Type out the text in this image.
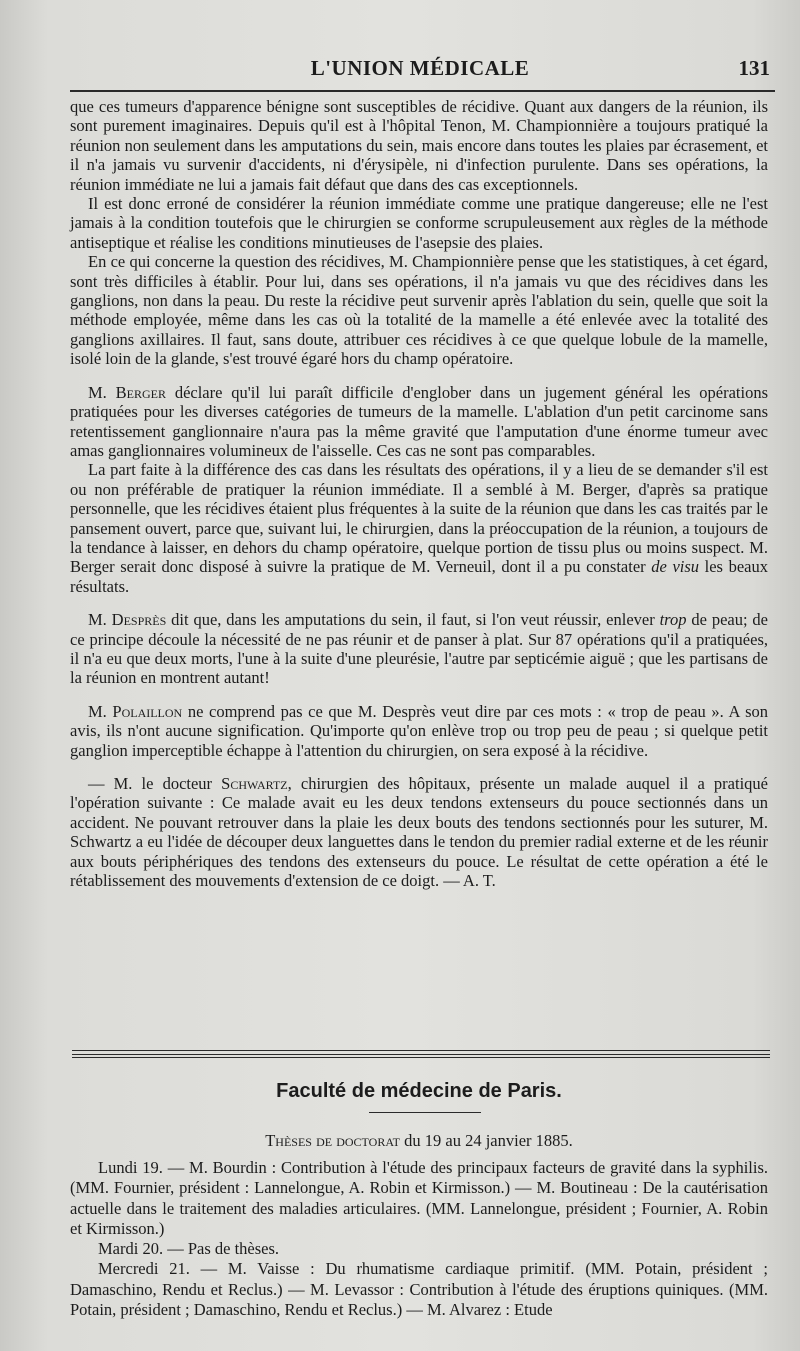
L'UNION MÉDICALE	131

que ces tumeurs d'apparence bénigne sont susceptibles de récidive. Quant aux dangers de la réunion, ils sont purement imaginaires. Depuis qu'il est à l'hôpital Tenon, M. Championnière a toujours pratiqué la réunion non seulement dans les amputations du sein, mais encore dans toutes les plaies par écrasement, et il n'a jamais vu survenir d'accidents, ni d'érysipèle, ni d'infection purulente. Dans ses opérations, la réunion immédiate ne lui a jamais fait défaut que dans des cas exceptionnels.

Il est donc erroné de considérer la réunion immédiate comme une pratique dangereuse; elle ne l'est jamais à la condition toutefois que le chirurgien se conforme scrupuleusement aux règles de la méthode antiseptique et réalise les conditions minutieuses de l'asepsie des plaies.

En ce qui concerne la question des récidives, M. Championnière pense que les statistiques, à cet égard, sont très difficiles à établir. Pour lui, dans ses opérations, il n'a jamais vu que des récidives dans les ganglions, non dans la peau. Du reste la récidive peut survenir après l'ablation du sein, quelle que soit la méthode employée, même dans les cas où la totalité de la mamelle a été enlevée avec la totalité des ganglions axillaires. Il faut, sans doute, attribuer ces récidives à ce que quelque lobule de la mamelle, isolé loin de la glande, s'est trouvé égaré hors du champ opératoire.

M. Berger déclare qu'il lui paraît difficile d'englober dans un jugement général les opérations pratiquées pour les diverses catégories de tumeurs de la mamelle. L'ablation d'un petit carcinome sans retentissement ganglionnaire n'aura pas la même gravité que l'amputation d'une énorme tumeur avec amas ganglionnaires volumineux de l'aisselle. Ces cas ne sont pas comparables.

La part faite à la différence des cas dans les résultats des opérations, il y a lieu de se demander s'il est ou non préférable de pratiquer la réunion immédiate. Il a semblé à M. Berger, d'après sa pratique personnelle, que les récidives étaient plus fréquentes à la suite de la réunion que dans les cas traités par le pansement ouvert, parce que, suivant lui, le chirurgien, dans la préoccupation de la réunion, a toujours de la tendance à laisser, en dehors du champ opératoire, quelque portion de tissu plus ou moins suspect. M. Berger serait donc disposé à suivre la pratique de M. Verneuil, dont il a pu constater de visu les beaux résultats.

M. Desprès dit que, dans les amputations du sein, il faut, si l'on veut réussir, enlever trop de peau; de ce principe découle la nécessité de ne pas réunir et de panser à plat. Sur 87 opérations qu'il a pratiquées, il n'a eu que deux morts, l'une à la suite d'une pleurésie, l'autre par septicémie aiguë ; que les partisans de la réunion en montrent autant!

M. Polaillon ne comprend pas ce que M. Desprès veut dire par ces mots : « trop de peau ». A son avis, ils n'ont aucune signification. Qu'importe qu'on enlève trop ou trop peu de peau ; si quelque petit ganglion imperceptible échappe à l'attention du chirurgien, on sera exposé à la récidive.

— M. le docteur Schwartz, chirurgien des hôpitaux, présente un malade auquel il a pratiqué l'opération suivante : Ce malade avait eu les deux tendons extenseurs du pouce sectionnés dans un accident. Ne pouvant retrouver dans la plaie les deux bouts des tendons sectionnés pour les suturer, M. Schwartz a eu l'idée de découper deux languettes dans le tendon du premier radial externe et de les réunir aux bouts périphériques des tendons des extenseurs du pouce. Le résultat de cette opération a été le rétablissement des mouvements d'extension de ce doigt. — A. T.

Faculté de médecine de Paris.
Thèses de doctorat du 19 au 24 janvier 1885.

Lundi 19. — M. Bourdin : Contribution à l'étude des principaux facteurs de gravité dans la syphilis. (MM. Fournier, président : Lannelongue, A. Robin et Kirmisson.) — M. Boutineau : De la cautérisation actuelle dans le traitement des maladies articulaires. (MM. Lannelongue, président ; Fournier, A. Robin et Kirmisson.)

Mardi 20. — Pas de thèses.

Mercredi 21. — M. Vaisse : Du rhumatisme cardiaque primitif. (MM. Potain, président ; Damaschino, Rendu et Reclus.) — M. Levassor : Contribution à l'étude des éruptions quiniques. (MM. Potain, président ; Damaschino, Rendu et Reclus.) — M. Alvarez : Etude
